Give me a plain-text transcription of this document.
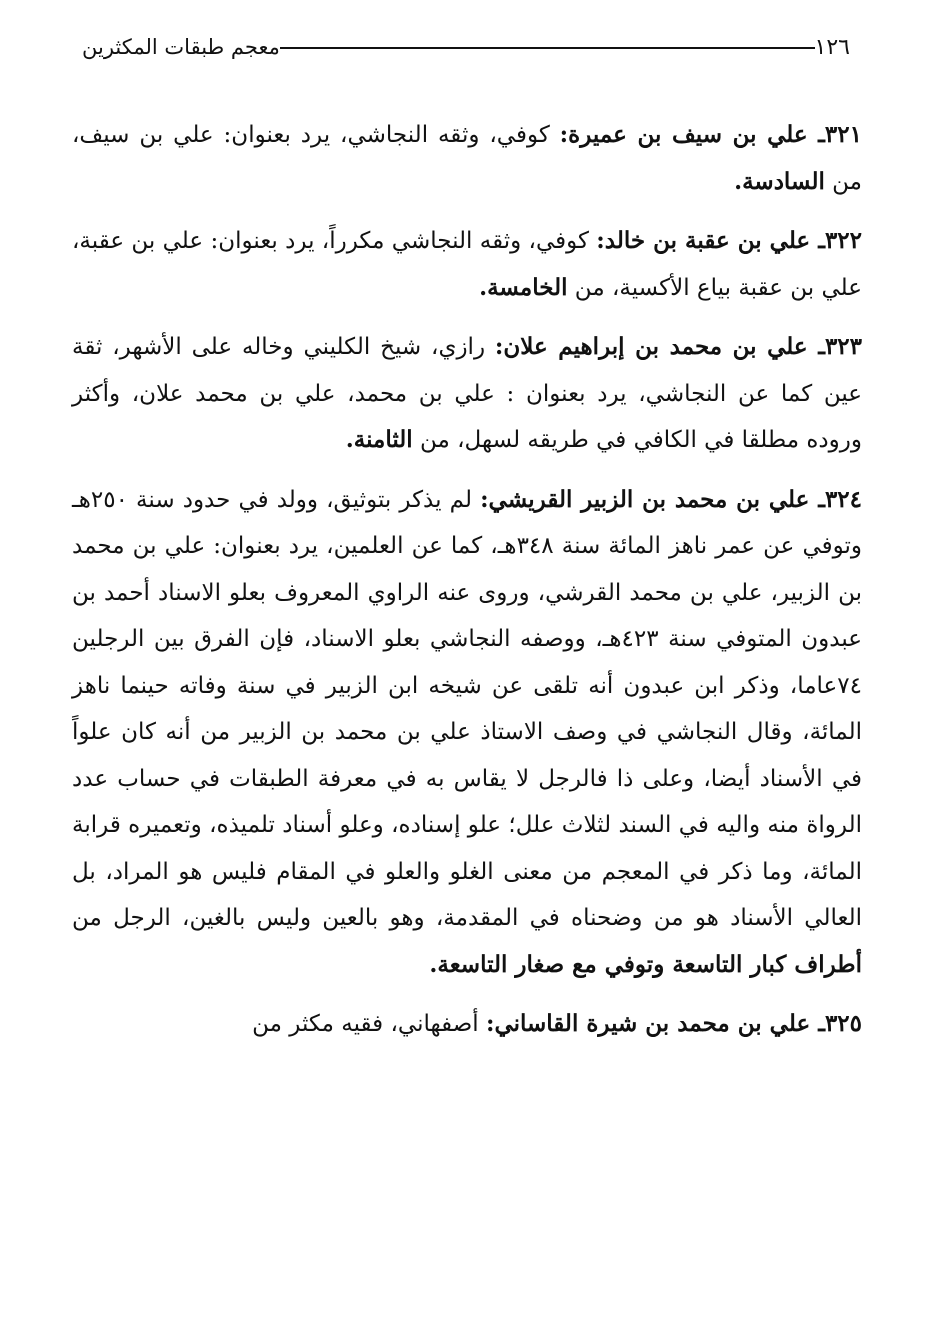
١٢٦
معجم طبقات المكثرين

٣٢١ـ علي بن سيف بن عميرة: كوفي، وثقه النجاشي، يرد بعنوان: علي بن سيف، من السادسة.

٣٢٢ـ علي بن عقبة بن خالد: كوفي، وثقه النجاشي مكرراً، يرد بعنوان: علي بن عقبة، علي بن عقبة بياع الأكسية، من الخامسة.

٣٢٣ـ علي بن محمد بن إبراهيم علان: رازي، شيخ الكليني وخاله على الأشهر، ثقة عين كما عن النجاشي، يرد بعنوان : علي بن محمد، علي بن محمد علان، وأكثر وروده مطلقا في الكافي في طريقه لسهل، من الثامنة.

٣٢٤ـ علي بن محمد بن الزبير القريشي: لم يذكر بتوثيق، وولد في حدود سنة ٢٥٠هـ وتوفي عن عمر ناهز المائة سنة ٣٤٨هـ، كما عن العلمين، يرد بعنوان: علي بن محمد بن الزبير، علي بن محمد القرشي، وروى عنه الراوي المعروف بعلو الاسناد أحمد بن عبدون المتوفي سنة ٤٢٣هـ، ووصفه النجاشي بعلو الاسناد، فإن الفرق بين الرجلين ٧٤عاما، وذكر ابن عبدون أنه تلقى عن شيخه ابن الزبير في سنة وفاته حينما ناهز المائة، وقال النجاشي في وصف الاستاذ علي بن محمد بن الزبير من أنه كان علواً في الأسناد أيضا، وعلى ذا فالرجل لا يقاس به في معرفة الطبقات في حساب عدد الرواة منه واليه في السند لثلاث علل؛ علو إسناده، وعلو أسناد تلميذه، وتعميره قرابة المائة، وما ذكر في المعجم من معنى الغلو والعلو في المقام فليس هو المراد، بل العالي الأسناد هو من وضحناه في المقدمة، وهو بالعين وليس بالغين، الرجل من أطراف كبار التاسعة وتوفي مع صغار التاسعة.

٣٢٥ـ علي بن محمد بن شيرة القاساني: أصفهاني، فقيه مكثر من
